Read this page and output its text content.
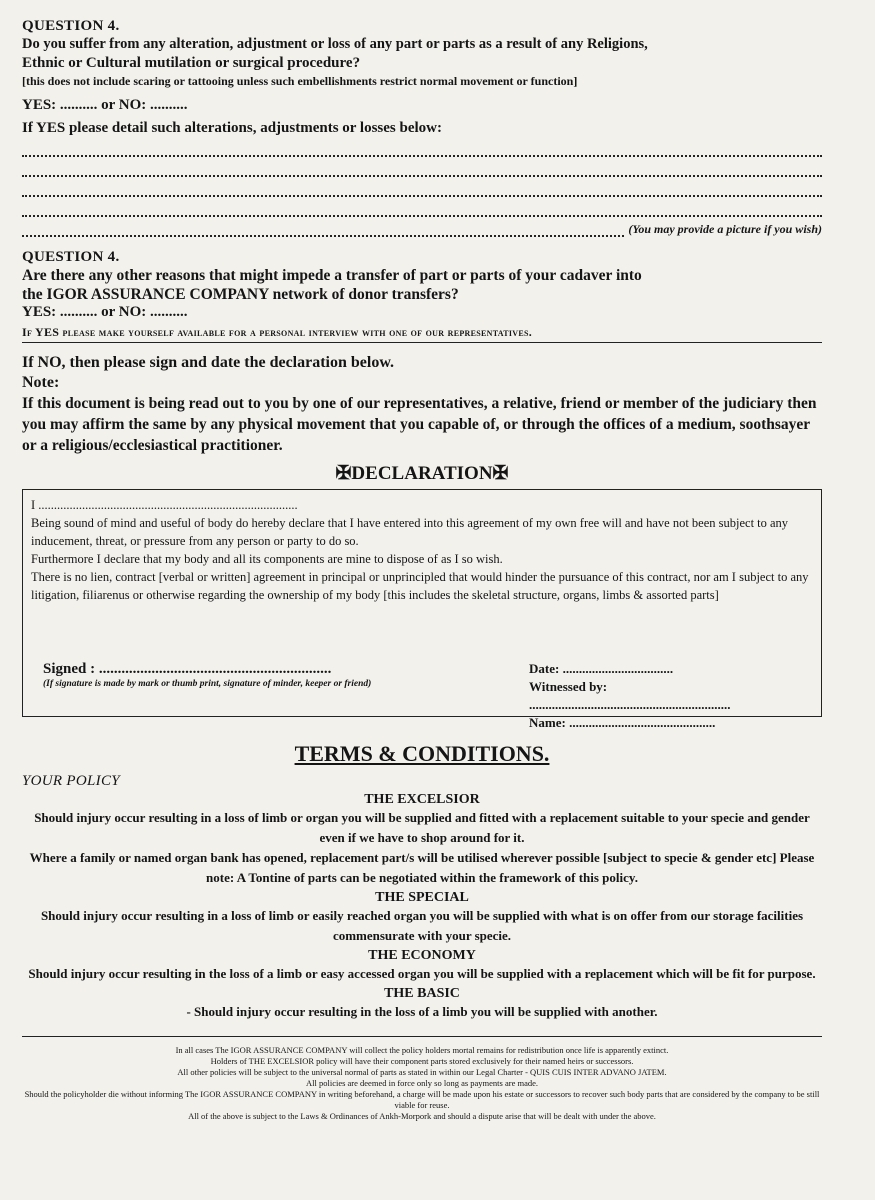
QUESTION 4.

Do you suffer from any alteration, adjustment or loss of any part or parts as a result of any Religions,

Ethnic or Cultural mutilation or surgical procedure?

[this does not include scaring or tattooing unless such embellishments restrict normal movement or function]
YES: .......... or NO: ..........
If YES please detail such alterations, adjustments or losses below:
(You may provide a picture if you wish)

QUESTION 4.

Are there any other reasons that might impede a transfer of part or parts of your cadaver into

the IGOR ASSURANCE COMPANY network of donor transfers?

YES: .......... or NO: ..........
If YES please make yourself available for a personal interview with one of our representatives.
If NO, then please sign and date the declaration below.
Note:
If this document is being read out to you by one of our representatives, a relative, friend or member of the judiciary then you may affirm the same by any physical movement that you capable of, or through the offices of a medium, soothsayer or a religious/ecclesiastical practitioner.
✠DECLARATION✠
I ...................................................................................
Being sound of mind and useful of body do hereby declare that I have entered into this agreement of my own free will and have not been subject to any inducement, threat, or pressure from any person or party to do so.
Furthermore I declare that my body and all its components are mine to dispose of as I so wish.
There is no lien, contract [verbal or written] agreement in principal or unprincipled that would hinder the pursuance of this contract, nor am I subject to any litigation, filiarenus or otherwise regarding the ownership of my body [this includes the skeletal structure, organs, limbs & assorted parts]
Signed : ..............................................................
(If signature is made by mark or thumb print, signature of minder, keeper or friend)
Date: ..................................
Witnessed by:
..............................................................
Name: .............................................
TERMS & CONDITIONS.
YOUR POLICY
THE EXCELSIOR
Should injury occur resulting in a loss of limb or organ you will be supplied and fitted with a replacement suitable to your specie and gender even if we have to shop around for it.
Where a family or named organ bank has opened, replacement part/s will be utilised wherever possible [subject to specie & gender etc] Please note: A Tontine of parts can be negotiated within the framework of this policy.
THE SPECIAL
Should injury occur resulting in a loss of limb or easily reached organ you will be supplied with what is on offer from our storage facilities commensurate with your specie.
THE ECONOMY
Should injury occur resulting in the loss of a limb or easy accessed organ you will be supplied with a replacement which will be fit for purpose.
THE BASIC
- Should injury occur resulting in the loss of a limb you will be supplied with another.
In all cases The IGOR ASSURANCE COMPANY will collect the policy holders mortal remains for redistribution once life is apparently extinct.
Holders of THE EXCELSIOR policy will have their component parts stored exclusively for their named heirs or successors.
All other policies will be subject to the universal normal of parts as stated in within our Legal Charter - QUIS CUIS INTER ADVANO JATEM.
All policies are deemed in force only so long as payments are made.
Should the policyholder die without informing The IGOR ASSURANCE COMPANY in writing beforehand, a charge will be made upon his estate or successors to recover such body parts that are considered by the company to be still viable for reuse.
All of the above is subject to the Laws & Ordinances of Ankh-Morpork and should a dispute arise that will be dealt with under the above.
